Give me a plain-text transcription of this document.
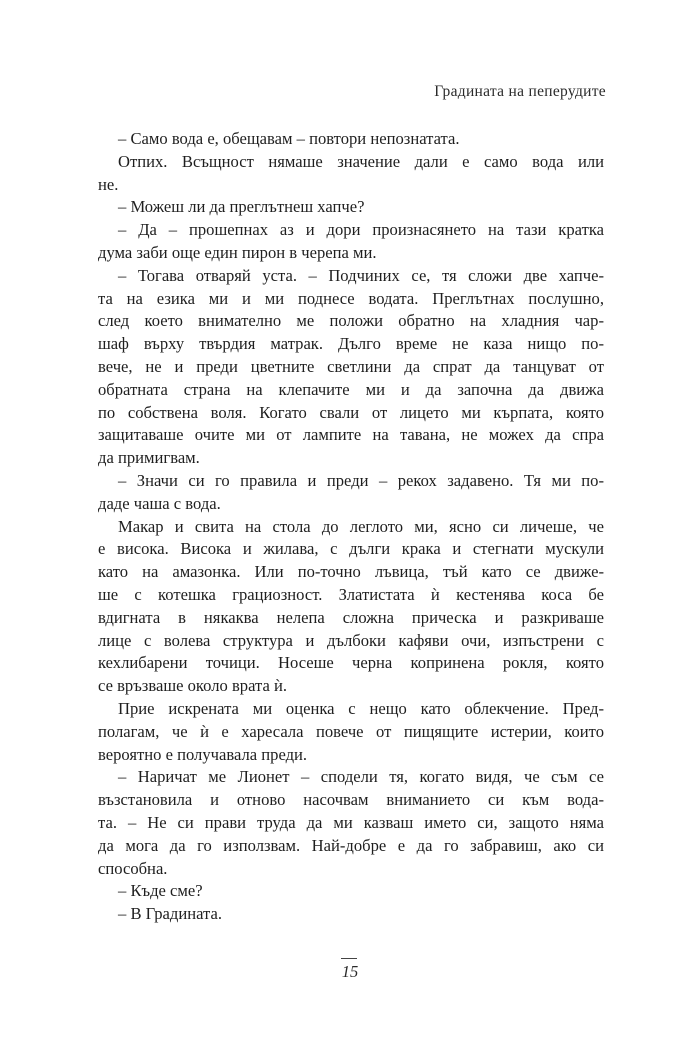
Градината на пеперудите
– Само вода е, обещавам – повтори непознатата.
Отпих. Всъщност нямаше значение дали е само вода или
не.
– Можеш ли да преглътнеш хапче?
– Да – прошепнах аз и дори произнасянето на тази кратка
дума заби още един пирон в черепа ми.
– Тогава отваряй уста. – Подчиних се, тя сложи две хапче-
та на езика ми и ми поднесе водата. Преглътнах послушно,
след което внимателно ме положи обратно на хладния чар-
шаф върху твърдия матрак. Дълго време не каза нищо по-
вече, не и преди цветните светлини да спрат да танцуват от
обратната страна на клепачите ми и да започна да движа
по собствена воля. Когато свали от лицето ми кърпата, която
защитаваше очите ми от лампите на тавана, не можех да спра
да примигвам.
– Значи си го правила и преди – рекох задавено. Тя ми по-
даде чаша с вода.
Макар и свита на стола до леглото ми, ясно си личеше, че
е висока. Висока и жилава, с дълги крака и стегнати мускули
като на амазонка. Или по-точно лъвица, тъй като се движе-
ше с котешка грациозност. Златистата ѝ кестенява коса бе
вдигната в някаква нелепа сложна прическа и разкриваше
лице с волева структура и дълбоки кафяви очи, изпъстрени с
кехлибарени точици. Носеше черна копринена рокля, която
се връзваше около врата ѝ.
Прие искрената ми оценка с нещо като облекчение. Пред-
полагам, че ѝ е харесала повече от пищящите истерии, които
вероятно е получавала преди.
– Наричат ме Лионет – сподели тя, когато видя, че съм се
възстановила и отново насочвам вниманието си към вода-
та. – Не си прави труда да ми казваш името си, защото няма
да мога да го използвам. Най-добре е да го забравиш, ако си
способна.
– Къде сме?
– В Градината.
15
